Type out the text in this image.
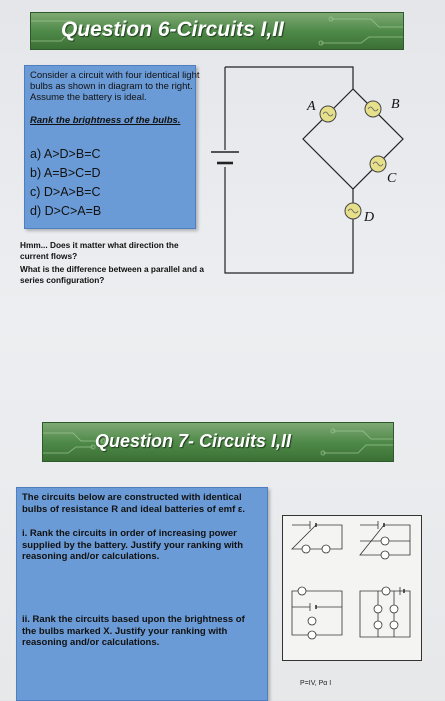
Question 6-Circuits I,II
Consider a circuit with four identical light bulbs as shown in diagram to the right. Assume the battery is ideal.
Rank the brightness of the bulbs.
a) A>D>B=C
b) A=B>C=D
c) D>A>B=C
d) D>C>A=B
A	B
C
D
Hmm... Does it matter what direction the current flows?
What is the difference between a parallel and a series configuration?
Question 7- Circuits I,II
The circuits below are constructed with identical bulbs of resistance R and ideal batteries of emf ε.
i. Rank the circuits in order of increasing power supplied by the battery. Justify your ranking with reasoning and/or calculations.
ii. Rank the circuits based upon the brightness of the bulbs marked X. Justify your ranking with reasoning and/or calculations.
P=IV, Pα I
